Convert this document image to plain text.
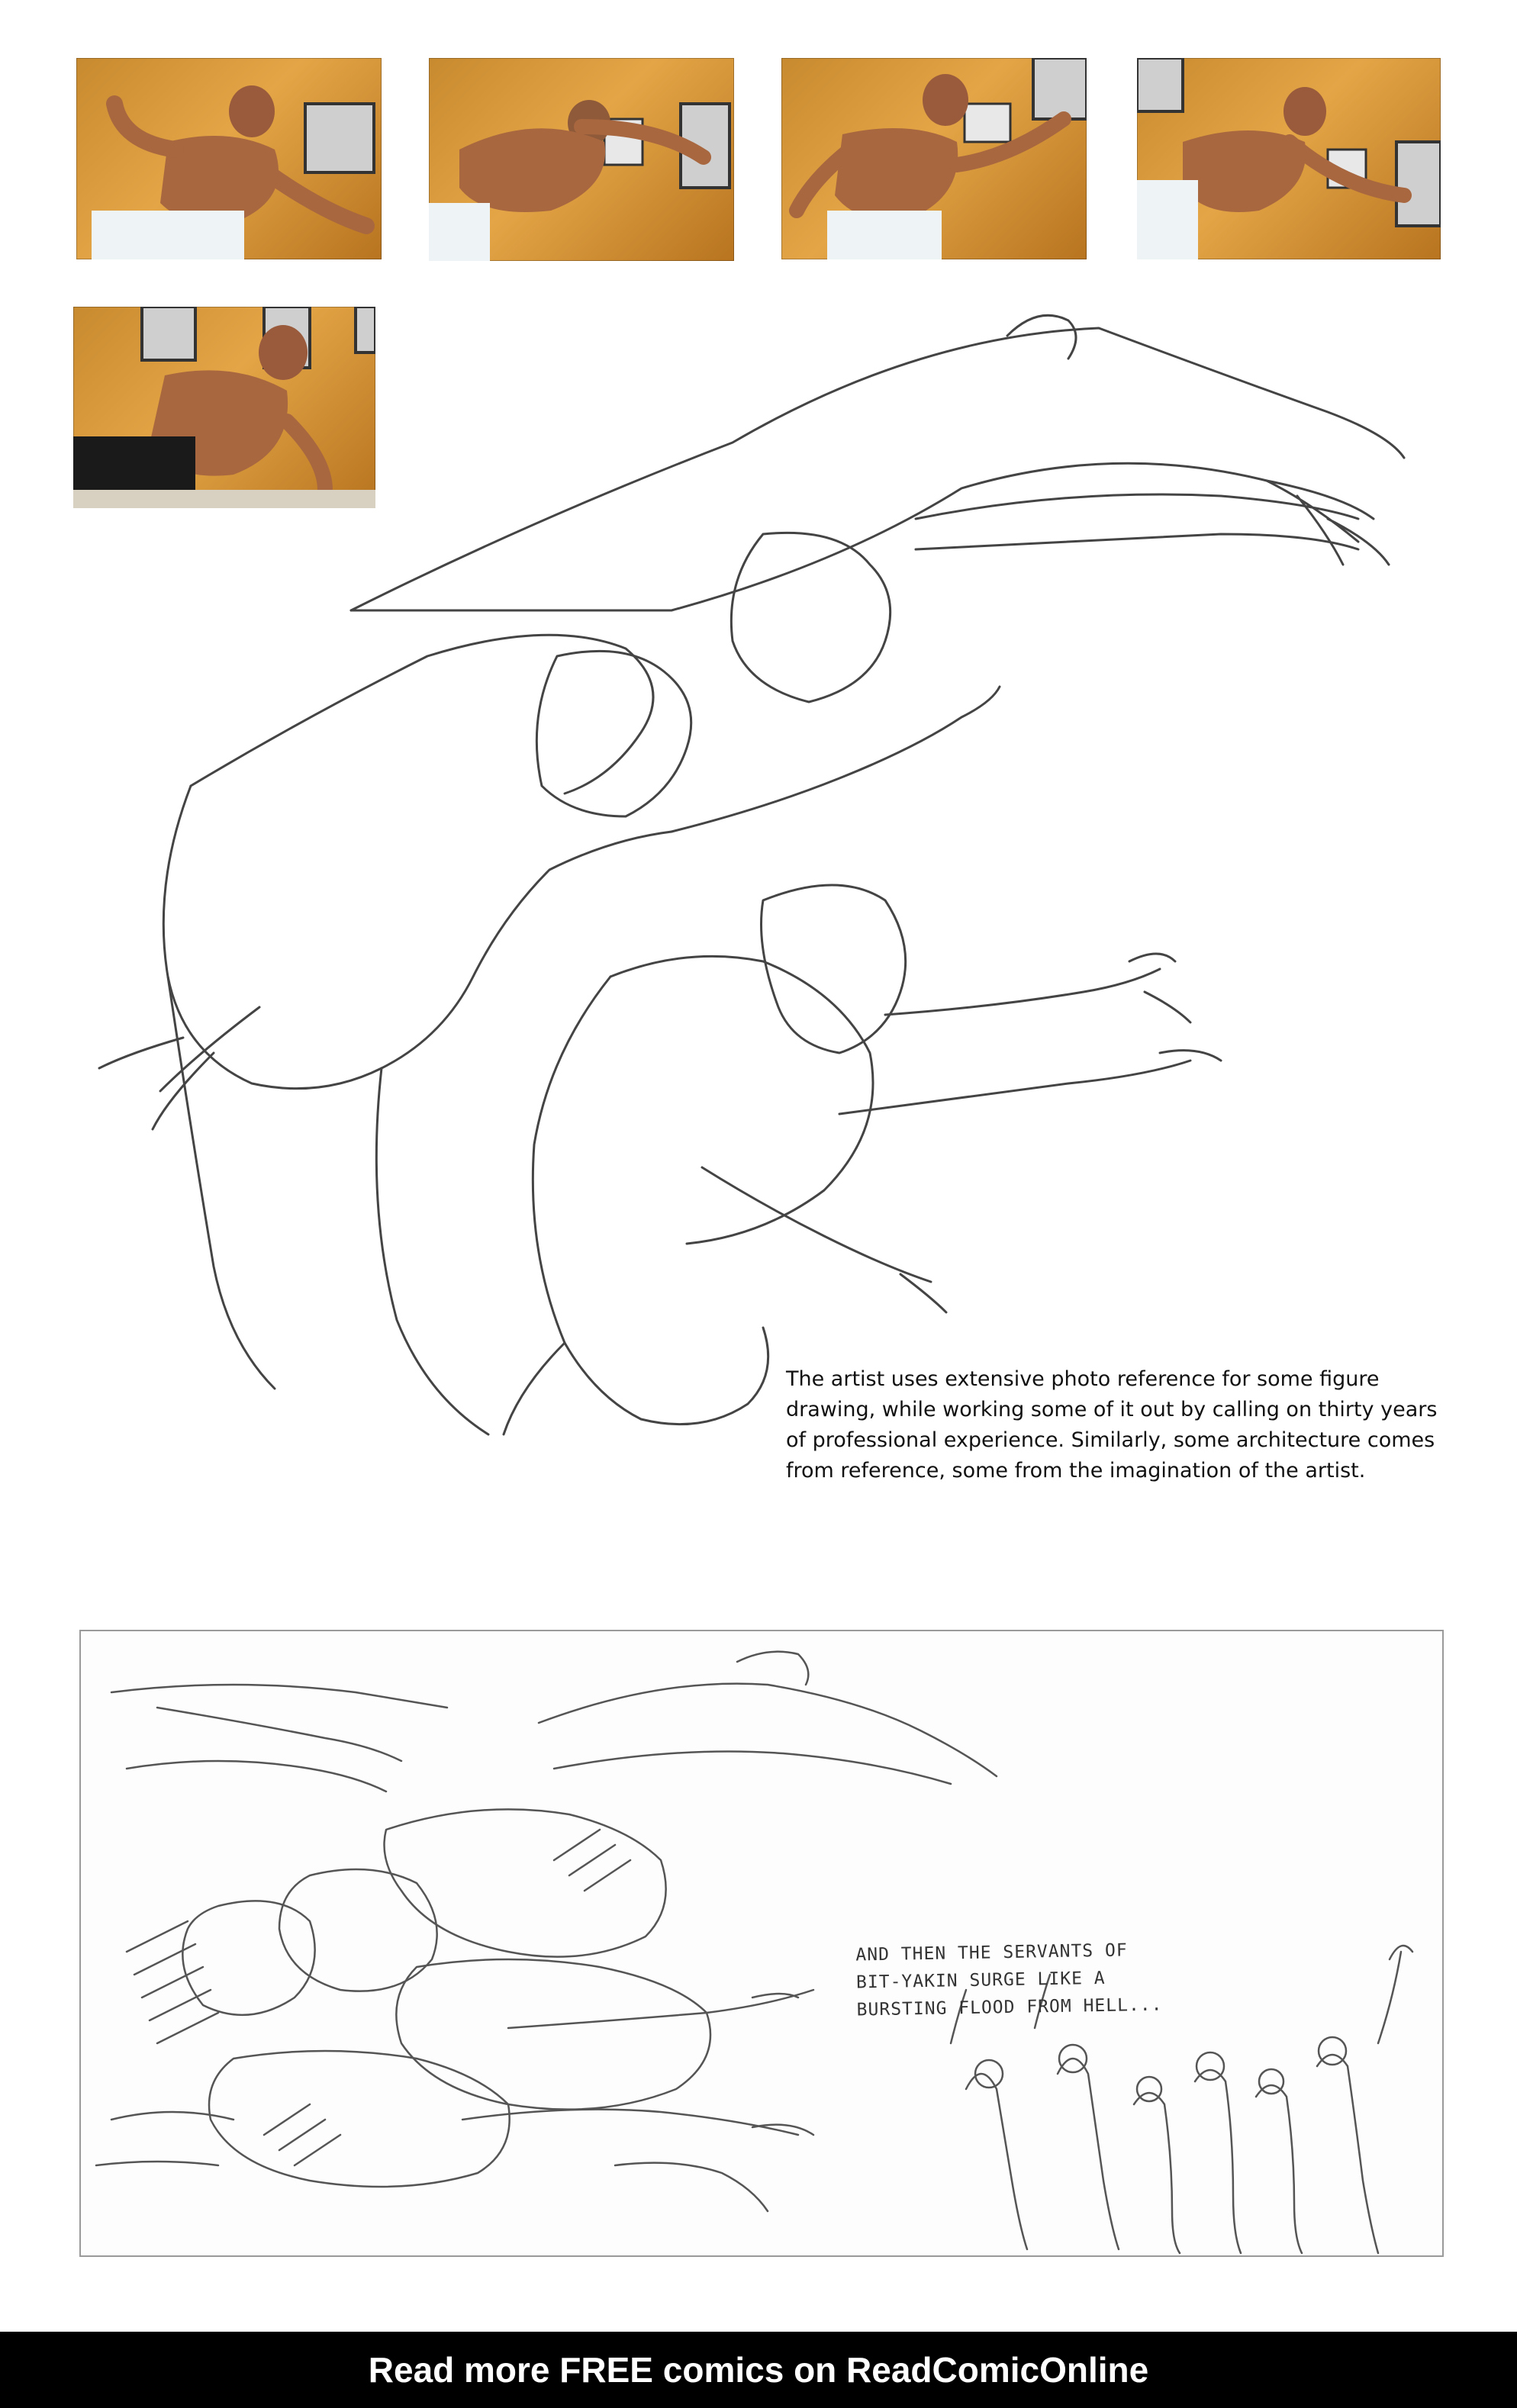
The artist uses extensive photo reference for some figure drawing, while working some of it out by calling on thirty years of professional experience. Similarly, some architecture comes from reference, some from the imagination of the artist.

AND THEN THE SERVANTS OF
BIT-YAKIN SURGE LIKE A
BURSTING FLOOD FROM HELL...
Read more FREE comics on ReadComicOnline
